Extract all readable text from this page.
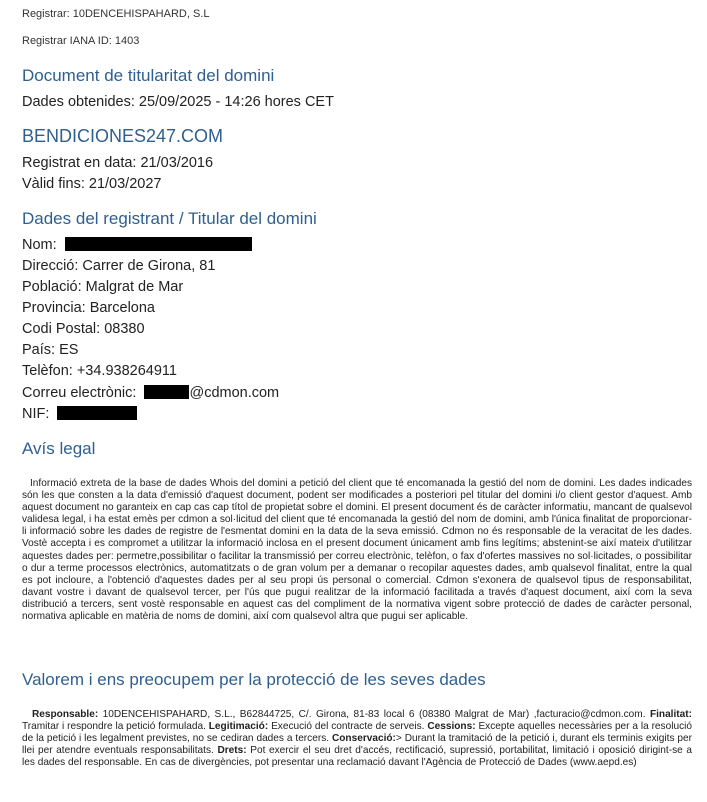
Registrar: 10DENCEHISPAHARD, S.L
Registrar IANA ID: 1403
Document de titularitat del domini
Dades obtenides: 25/09/2025 - 14:26 hores CET
BENDICIONES247.COM
Registrat en data: 21/03/2016
Vàlid fins: 21/03/2027
Dades del registrant / Titular del domini
Nom:
Direcció: Carrer de Girona, 81
Població: Malgrat de Mar
Provincia: Barcelona
Codi Postal: 08380
País: ES
Telèfon: +34.938264911
Correu electrònic:	@cdmon.com
NIF:
Avís legal

Informació extreta de la base de dades Whois del domini a petició del client que té encomanada la gestió del nom de domini. Les dades indicades són les que consten a la data d'emissió d'aquest document, podent ser modificades a posteriori pel titular del domini i/o client gestor d'aquest. Amb aquest document no garanteix en cap cas cap títol de propietat sobre el domini. El present document és de caràcter informatiu, mancant de qualsevol validesa legal, i ha estat emès per cdmon a sol·licitud del client que té encomanada la gestió del nom de domini, amb l'única finalitat de proporcionar-li informació sobre les dades de registre de l'esmentat domini en la data de la seva emissió. Cdmon no és responsable de la veracitat de les dades. Vostè accepta i es compromet a utilitzar la informació inclosa en el present document únicament amb fins legítims; abstenint-se així mateix d'utilitzar aquestes dades per: permetre,possibilitar o facilitar la transmissió per correu electrònic, telèfon, o fax d'ofertes massives no sol·licitades, o possibilitar o dur a terme processos electrònics, automatitzats o de gran volum per a demanar o recopilar aquestes dades, amb qualsevol finalitat, entre la qual es pot incloure, a l'obtenció d'aquestes dades per al seu propi ús personal o comercial. Cdmon s'exonera de qualsevol tipus de responsabilitat, davant vostre i davant de qualsevol tercer, per l'ús que pugui realitzar de la informació facilitada a través d'aquest document, així com la seva distribució a tercers, sent vostè responsable en aquest cas del compliment de la normativa vigent sobre protecció de dades de caràcter personal, normativa aplicable en matèria de noms de domini, així com qualsevol altra que pugui ser aplicable.

Valorem i ens preocupem per la protecció de les seves dades

Responsable: 10DENCEHISPAHARD, S.L., B62844725, C/. Girona, 81-83 local 6 (08380 Malgrat de Mar) ,facturacio@cdmon.com. Finalitat: Tramitar i respondre la petició formulada. Legitimació: Execució del contracte de serveis. Cessions: Excepte aquelles necessàries per a la resolució de la petició i les legalment previstes, no se cediran dades a tercers. Conservació:> Durant la tramitació de la petició i, durant els terminis exigits per llei per atendre eventuals responsabilitats. Drets: Pot exercir el seu dret d'accés, rectificació, supressió, portabilitat, limitació i oposició dirigint-se a les dades del responsable. En cas de divergències, pot presentar una reclamació davant l'Agència de Protecció de Dades (www.aepd.es)
